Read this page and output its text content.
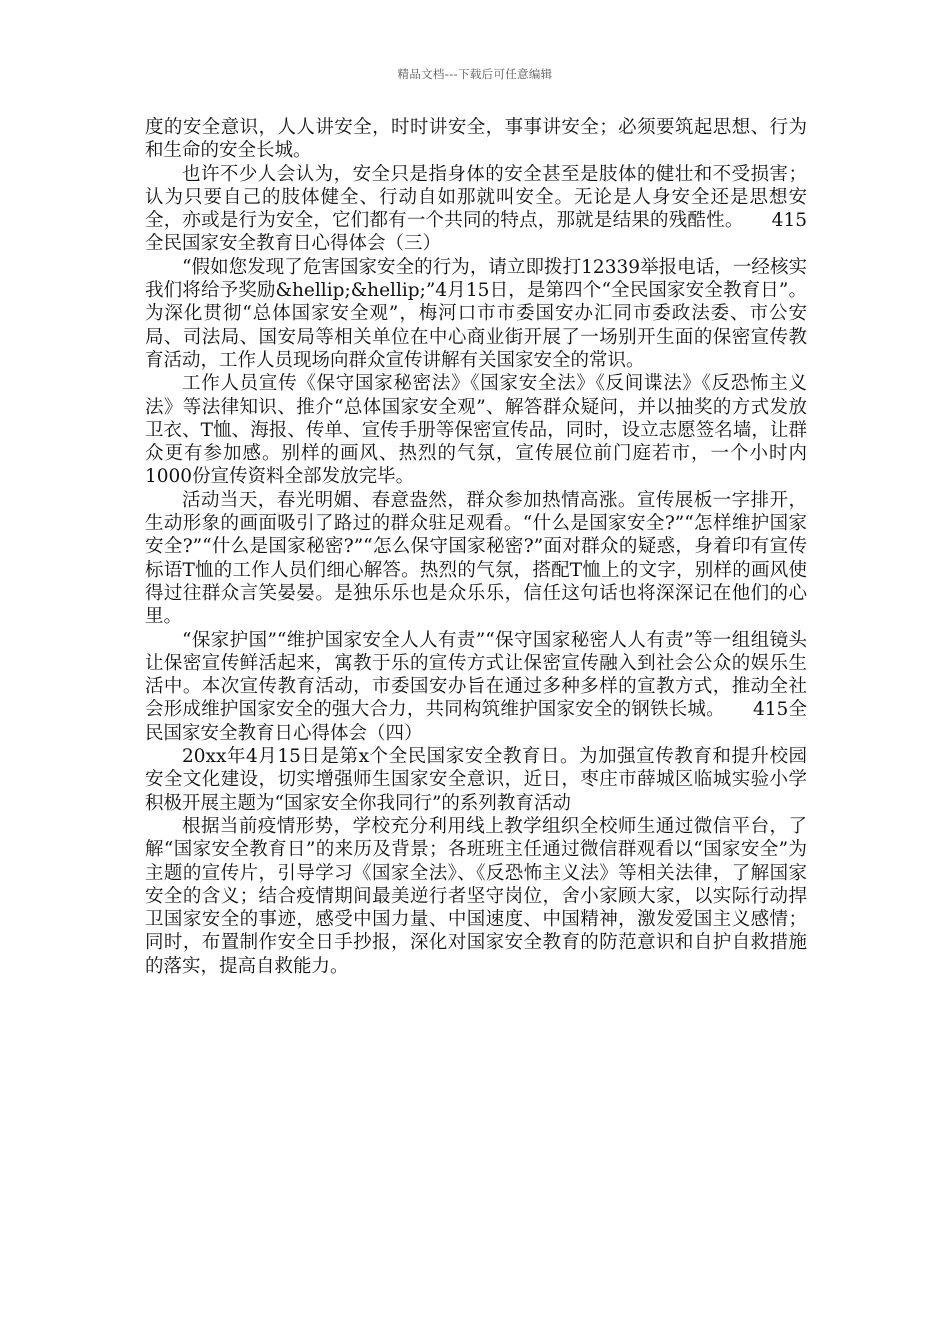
精品文档---下载后可任意编辑

度的安全意识，人人讲安全，时时讲安全，事事讲安全；必须要筑起思想、行为和生命的安全长城。

也许不少人会认为，安全只是指身体的安全甚至是肢体的健壮和不受损害；认为只要自己的肢体健全、行动自如那就叫安全。无论是人身安全还是思想安全，亦或是行为安全，它们都有一个共同的特点，那就是结果的残酷性。　　415全民国家安全教育日心得体会（三）

“假如您发现了危害国家安全的行为，请立即拨打12339举报电话，一经核实我们将给予奖励&hellip;&hellip;”4月15日，是第四个“全民国家安全教育日”。为深化贯彻“总体国家安全观”，梅河口市市委国安办汇同市委政法委、市公安局、司法局、国安局等相关单位在中心商业街开展了一场别开生面的保密宣传教育活动，工作人员现场向群众宣传讲解有关国家安全的常识。

工作人员宣传《保守国家秘密法》《国家安全法》《反间谍法》《反恐怖主义法》等法律知识、推介“总体国家安全观”、解答群众疑问，并以抽奖的方式发放卫衣、T恤、海报、传单、宣传手册等保密宣传品，同时，设立志愿签名墙，让群众更有参加感。别样的画风、热烈的气氛，宣传展位前门庭若市，一个小时内1000份宣传资料全部发放完毕。

活动当天，春光明媚、春意盎然，群众参加热情高涨。宣传展板一字排开，生动形象的画面吸引了路过的群众驻足观看。“什么是国家安全?”“怎样维护国家安全?”“什么是国家秘密?”“怎么保守国家秘密?”面对群众的疑惑，身着印有宣传标语T恤的工作人员们细心解答。热烈的气氛，搭配T恤上的文字，别样的画风使得过往群众言笑晏晏。是独乐乐也是众乐乐，信任这句话也将深深记在他们的心里。

“保家护国”“维护国家安全人人有责”“保守国家秘密人人有责”等一组组镜头让保密宣传鲜活起来，寓教于乐的宣传方式让保密宣传融入到社会公众的娱乐生活中。本次宣传教育活动，市委国安办旨在通过多种多样的宣教方式，推动全社会形成维护国家安全的强大合力，共同构筑维护国家安全的钢铁长城。　　415全民国家安全教育日心得体会（四）

20xx年4月15日是第x个全民国家安全教育日。为加强宣传教育和提升校园安全文化建设，切实增强师生国家安全意识，近日，枣庄市薛城区临城实验小学积极开展主题为“国家安全你我同行”的系列教育活动

根据当前疫情形势，学校充分利用线上教学组织全校师生通过微信平台，了解“国家安全教育日”的来历及背景；各班班主任通过微信群观看以“国家安全”为主题的宣传片，引导学习《国家全法》、《反恐怖主义法》等相关法律，了解国家安全的含义；结合疫情期间最美逆行者坚守岗位，舍小家顾大家，以实际行动捍卫国家安全的事迹，感受中国力量、中国速度、中国精神，激发爱国主义感情；同时，布置制作安全日手抄报，深化对国家安全教育的防范意识和自护自救措施的落实，提高自救能力。
